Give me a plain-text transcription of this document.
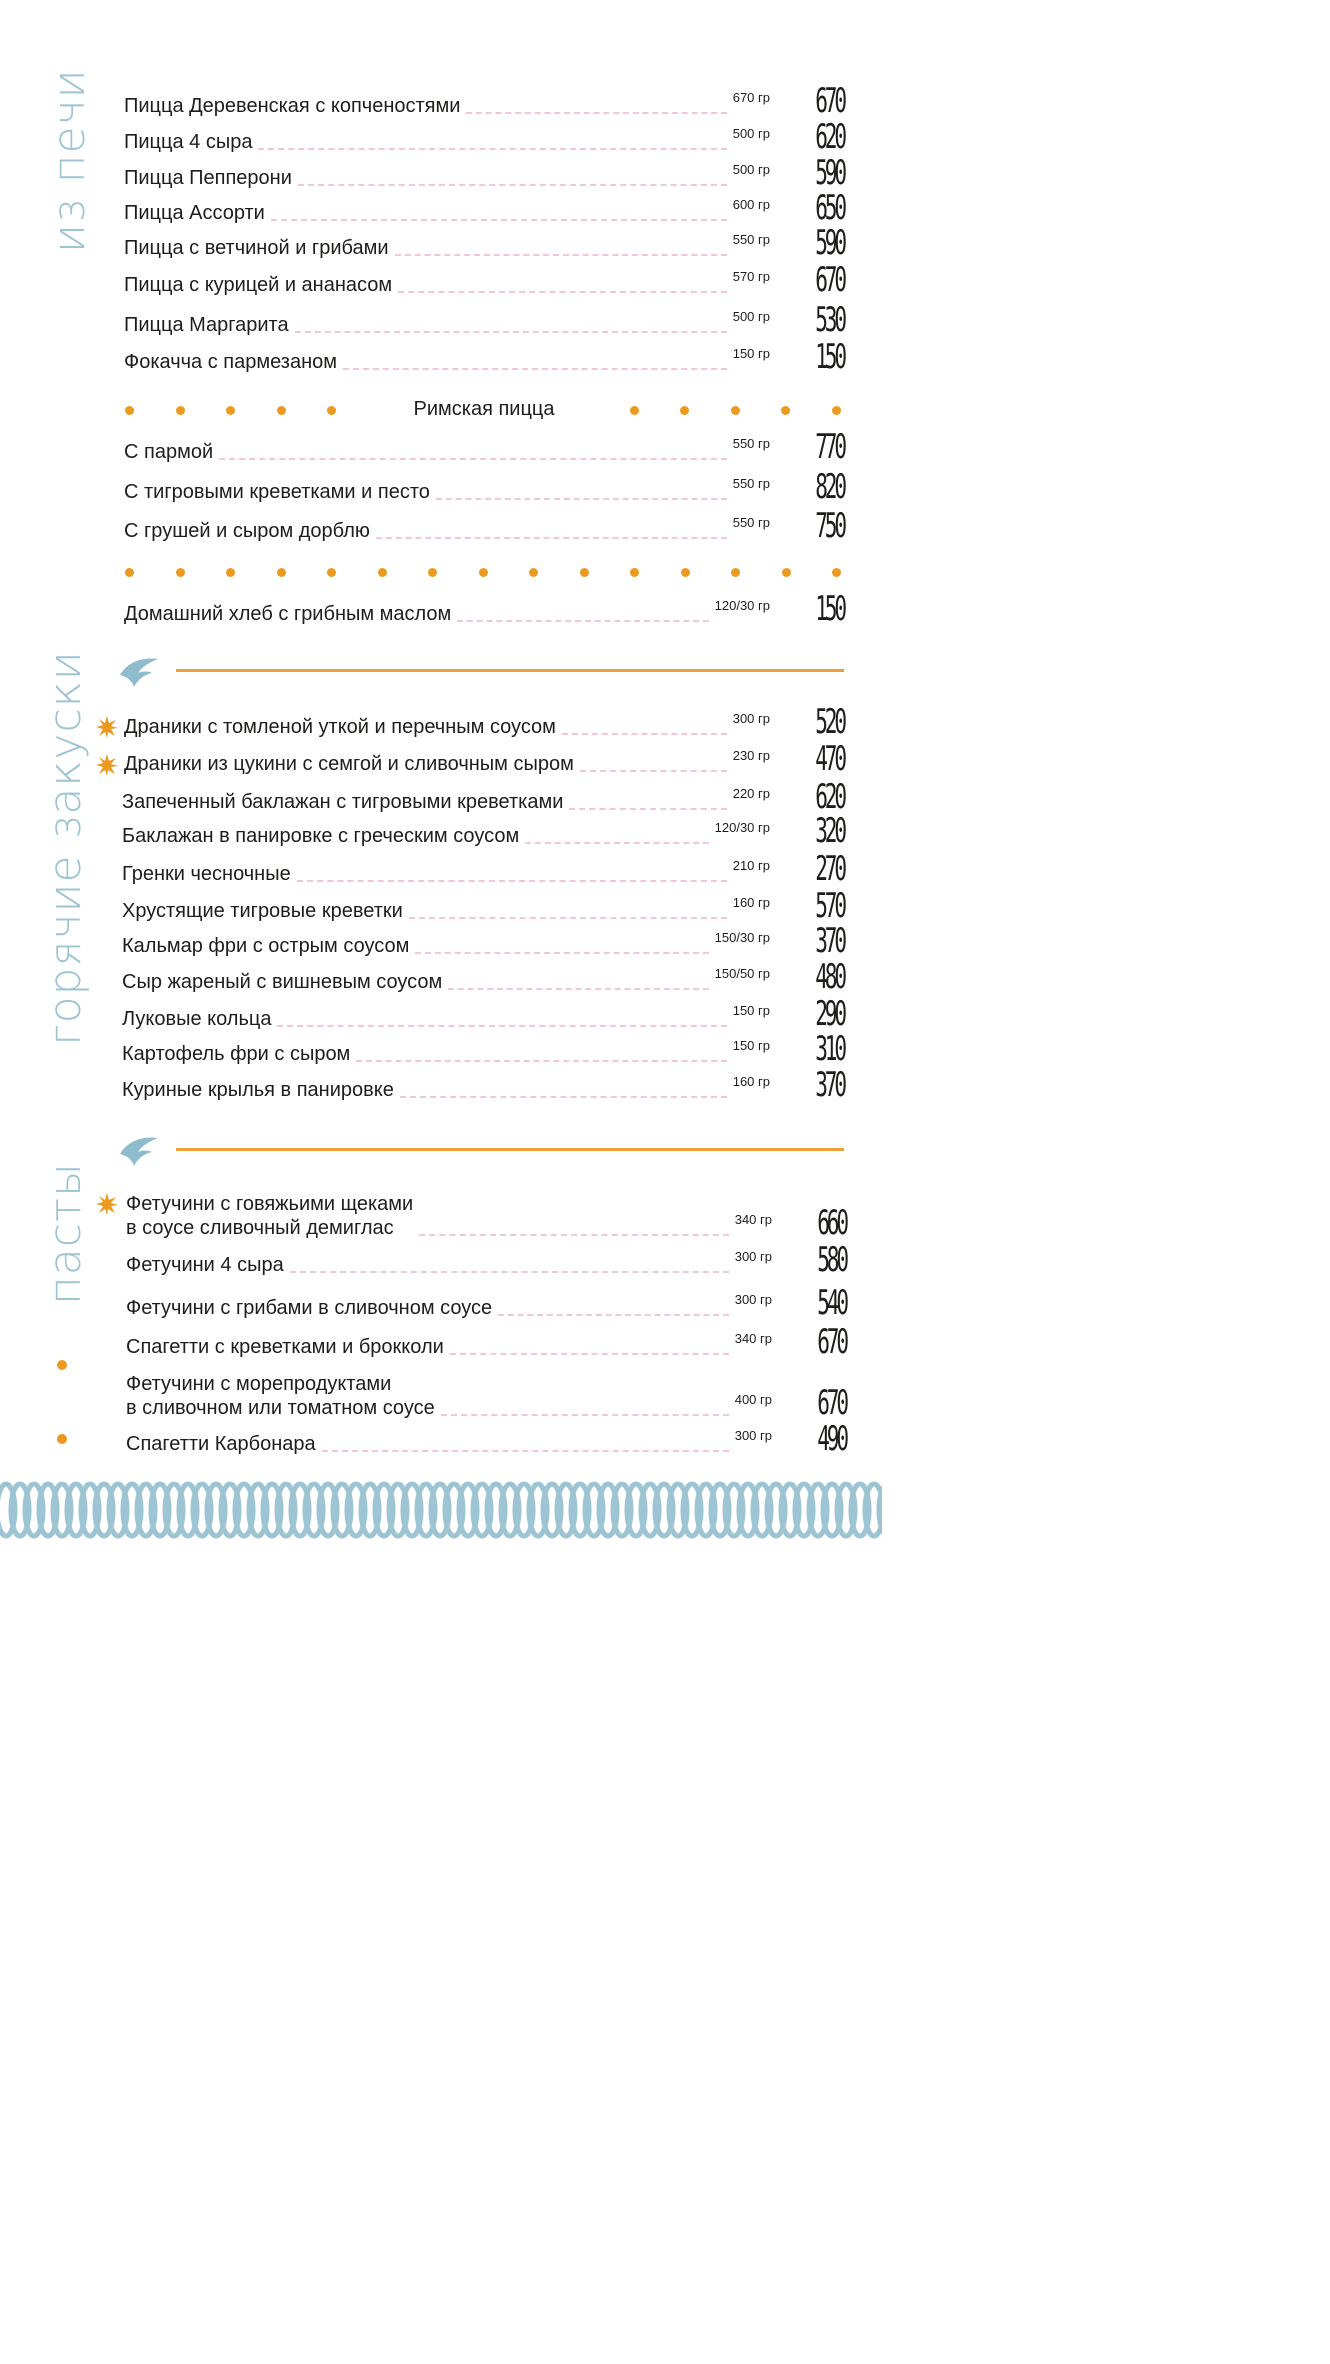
из печи
горячие закуски
пасты
Пицца Деревенская с копченостями	670 гр 670
Пицца 4 сыра	500 гр 620
Пицца Пепперони	500 гр 590
Пицца Ассорти	600 гр 650
Пицца с ветчиной и грибами	550 гр 590
Пицца с курицей и ананасом	570 гр 670
Пицца Маргарита	500 гр 530
Фокачча с пармезаном	150 гр 150
Римская пицца
С пармой	550 гр 770
С тигровыми креветками и песто	550 гр 820
С грушей и сыром дорблю	550 гр 750
Домашний хлеб с грибным маслом	120/30 гр 150
Драники с томленой уткой и перечным соусом	300 гр 520
Драники из цукини с семгой и сливочным сыром	230 гр 470
Запеченный баклажан с тигровыми креветками	220 гр 620
Баклажан в панировке с греческим соусом	120/30 гр 320
Гренки чесночные	210 гр 270
Хрустящие тигровые креветки	160 гр 570
Кальмар фри с острым соусом	150/30 гр 370
Сыр жареный с вишневым соусом	150/50 гр 480
Луковые кольца	150 гр 290
Картофель фри с сыром	150 гр 310
Куриные крылья в панировке	160 гр 370
Фетучини с говяжьими щеками
в соусе сливочный демиглас	340 гр 660
Фетучини 4 сыра	300 гр 580
Фетучини с грибами в сливочном соусе	300 гр 540
Спагетти с креветками и брокколи	340 гр 670
Фетучини с морепродуктами
в сливочном или томатном соусе	400 гр 670
Спагетти Карбонара	300 гр 490
